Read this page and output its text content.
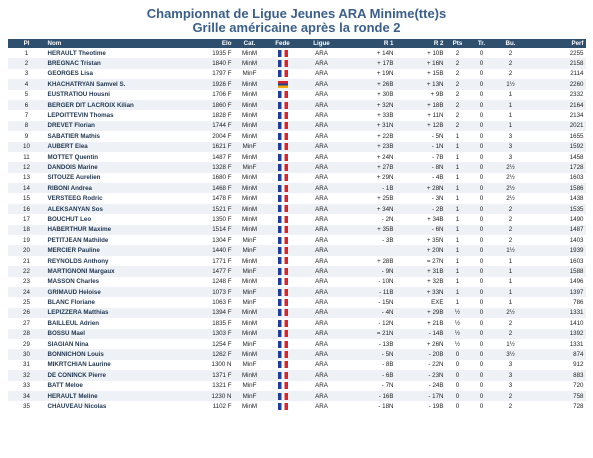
Championnat de Ligue Jeunes ARA Minime(tte)s
Grille américaine après la ronde 2
Pl	Nom	Elo	Cat.	Fede	Ligue	R 1	R 2	Pts	Tr.	Bu.	Perf
1	HERAULT Theotime	1935 F	MinM		ARA	+ 14N	+ 10B	2	0	2	2255
2	BREGNAC Tristan	1840 F	MinM		ARA	+ 17B	+ 16N	2	0	2	2158
3	GEORGES Lisa	1797 F	MinF		ARA	+ 19N	+ 15B	2	0	2	2114
4	KHACHATRYAN Samvel S.	1926 F	MinM		ARA	+ 26B	+ 13N	2	0	1½	2260
5	EUSTRATIOU Housni	1706 F	MinM		ARA	+ 30B	+ 9B	2	0	1	2332
6	BERGER DIT LACROIX Kilian	1860 F	MinM		ARA	+ 32N	+ 18B	2	0	1	2164
7	LEPOITTEVIN Thomas	1828 F	MinM		ARA	+ 33B	+ 11N	2	0	1	2134
8	DREVET Florian	1744 F	MinM		ARA	+ 31N	+ 12B	2	0	1	2021
9	SABATIER Mathis	2004 F	MinM		ARA	+ 22B	- 5N	1	0	3	1655
10	AUBERT Elea	1621 F	MinF		ARA	+ 23B	- 1N	1	0	3	1592
11	MOTTET Quentin	1487 F	MinM		ARA	+ 24N	- 7B	1	0	3	1458
12	DANDOIS Marine	1328 F	MinF		ARA	+ 27B	- 8N	1	0	2½	1728
13	SITOUZE Aurelien	1680 F	MinM		ARA	+ 29N	- 4B	1	0	2½	1603
14	RIBONI Andrea	1468 F	MinM		ARA	- 1B	+ 28N	1	0	2½	1586
15	VERSTEEG Rodric	1478 F	MinM		ARA	+ 25B	- 3N	1	0	2½	1438
16	ALEKSANYAN Sos	1521 F	MinM		ARA	+ 34N	- 2B	1	0	2	1535
17	BOUCHUT Leo	1350 F	MinM		ARA	- 2N	+ 34B	1	0	2	1490
18	HABERTHUR Maxime	1514 F	MinM		ARA	+ 35B	- 6N	1	0	2	1487
19	PETITJEAN Mathilde	1304 F	MinF		ARA	- 3B	+ 35N	1	0	2	1403
20	MERCIER Pauline	1440 F	MinF		ARA		+ 20N	1	0	1½	1939
21	REYNOLDS Anthony	1771 F	MinM		ARA	+ 28B	= 27N	1	0	1	1603
22	MARTIGNONI Margaux	1477 F	MinF		ARA	- 9N	+ 31B	1	0	1	1588
23	MASSON Charles	1248 F	MinM		ARA	- 10N	+ 32B	1	0	1	1496
24	GRIMAUD Heloise	1073 F	MinF		ARA	- 11B	+ 33N	1	0	1	1397
25	BLANC Floriane	1063 F	MinF		ARA	- 15N	EXE	1	0	1	786
26	LEPIZZERA Matthias	1394 F	MinM		ARA	- 4N	+ 29B	½	0	2½	1331
27	BAILLEUL Adrien	1835 F	MinM		ARA	- 12N	+ 21B	½	0	2	1410
28	BOSSU Mael	1303 F	MinM		ARA	= 21N	- 14B	½	0	2	1392
29	SIAGIAN Nina	1254 F	MinF		ARA	- 13B	+ 26N	½	0	1½	1331
30	BONNICHON Louis	1262 F	MinM		ARA	- 5N	- 20B	0	0	3½	874
31	MIKRTCHIAN Laurine	1300 N	MinF		ARA	- 8B	- 22N	0	0	3	912
32	DE CONINCK Pierre	1371 F	MinM		ARA	- 6B	- 23N	0	0	3	883
33	BATT Meloe	1321 F	MinF		ARA	- 7N	- 24B	0	0	3	720
34	HERAULT Meline	1230 N	MinF		ARA	- 16B	- 17N	0	0	2	758
35	CHAUVEAU Nicolas	1102 F	MinM		ARA	- 18N	- 19B	0	0	2	728
